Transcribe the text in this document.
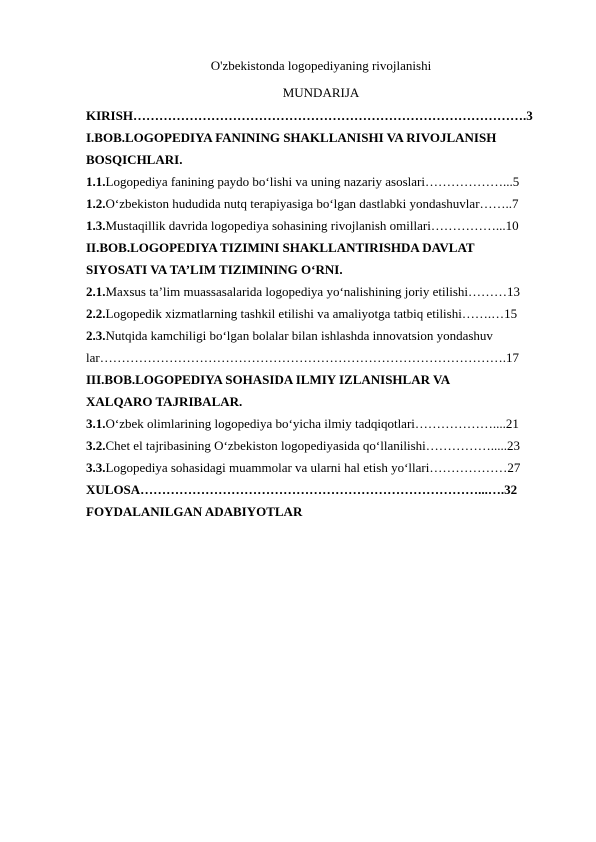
O'zbekistonda logopediyaning rivojlanishi

MUNDARIJA
KIRISH……………………………………………………………………………….3
I.BOB.LOGOPEDIYA FANINING SHAKLLANISHI VA RIVOJLANISH
BOSQICHLARI.
1.1.Logopediya fanining paydo bo‘lishi va uning nazariy asoslari………………...5
1.2.O‘zbekiston hududida nutq terapiyasiga bo‘lgan dastlabki yondashuvlar……..7
1.3.Mustaqillik davrida logopediya sohasining rivojlanish omillari……………...10
II.BOB.LOGOPEDIYA TIZIMINI SHAKLLANTIRISHDA DAVLAT
SIYOSATI VA TA’LIM TIZIMINING O‘RNI.
2.1.Maxsus ta’lim muassasalarida logopediya yo‘nalishining joriy etilishi………13
2.2.Logopedik xizmatlarning tashkil etilishi va amaliyotga tatbiq etilishi…….…15
2.3.Nutqida kamchiligi bo‘lgan bolalar bilan ishlashda innovatsion yondashuv
lar………………………………………………………………………………….17
III.BOB.LOGOPEDIYA SOHASIDA ILMIY IZLANISHLAR VA
XALQARO TAJRIBALAR.
3.1.O‘zbek olimlarining logopediya bo‘yicha ilmiy tadqiqotlari………………....21
3.2.Chet el tajribasining O‘zbekiston logopediyasida qo‘llanilishi…………….....23
3.3.Logopediya sohasidagi muammolar va ularni hal etish yo‘llari………………27
XULOSA……………………………………………………………………...….32
FOYDALANILGAN ADABIYOTLAR
